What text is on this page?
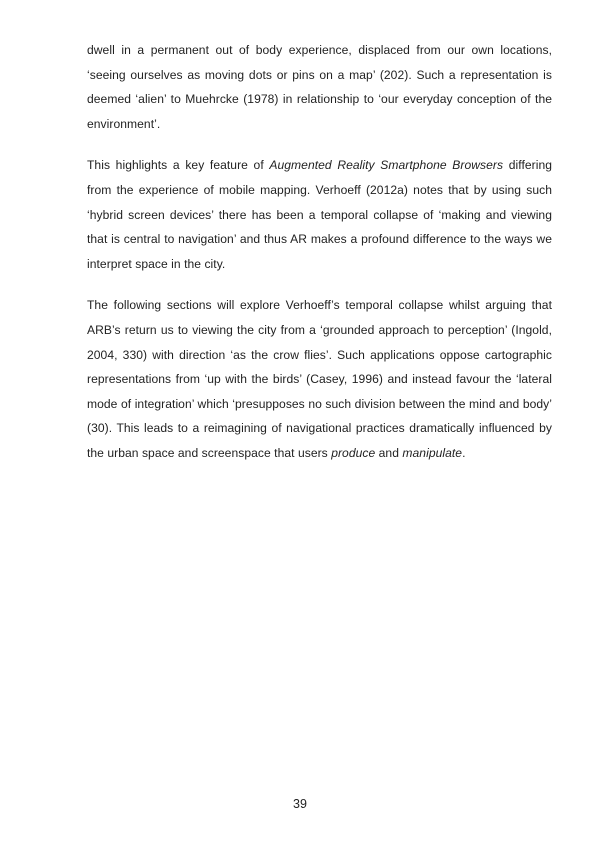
dwell in a permanent out of body experience, displaced from our own locations, ‘seeing ourselves as moving dots or pins on a map’ (202). Such a representation is deemed ‘alien’ to Muehrcke (1978) in relationship to ‘our everyday conception of the environment’.

This highlights a key feature of Augmented Reality Smartphone Browsers differing from the experience of mobile mapping. Verhoeff (2012a) notes that by using such ‘hybrid screen devices’ there has been a temporal collapse of ‘making and viewing that is central to navigation’ and thus AR makes a profound difference to the ways we interpret space in the city.

The following sections will explore Verhoeff’s temporal collapse whilst arguing that ARB’s return us to viewing the city from a ‘grounded approach to perception’ (Ingold, 2004, 330) with direction ‘as the crow flies’. Such applications oppose cartographic representations from ‘up with the birds’ (Casey, 1996) and instead favour the ‘lateral mode of integration’ which ‘presupposes no such division between the mind and body’ (30). This leads to a reimagining of navigational practices dramatically influenced by the urban space and screenspace that users produce and manipulate.

39
